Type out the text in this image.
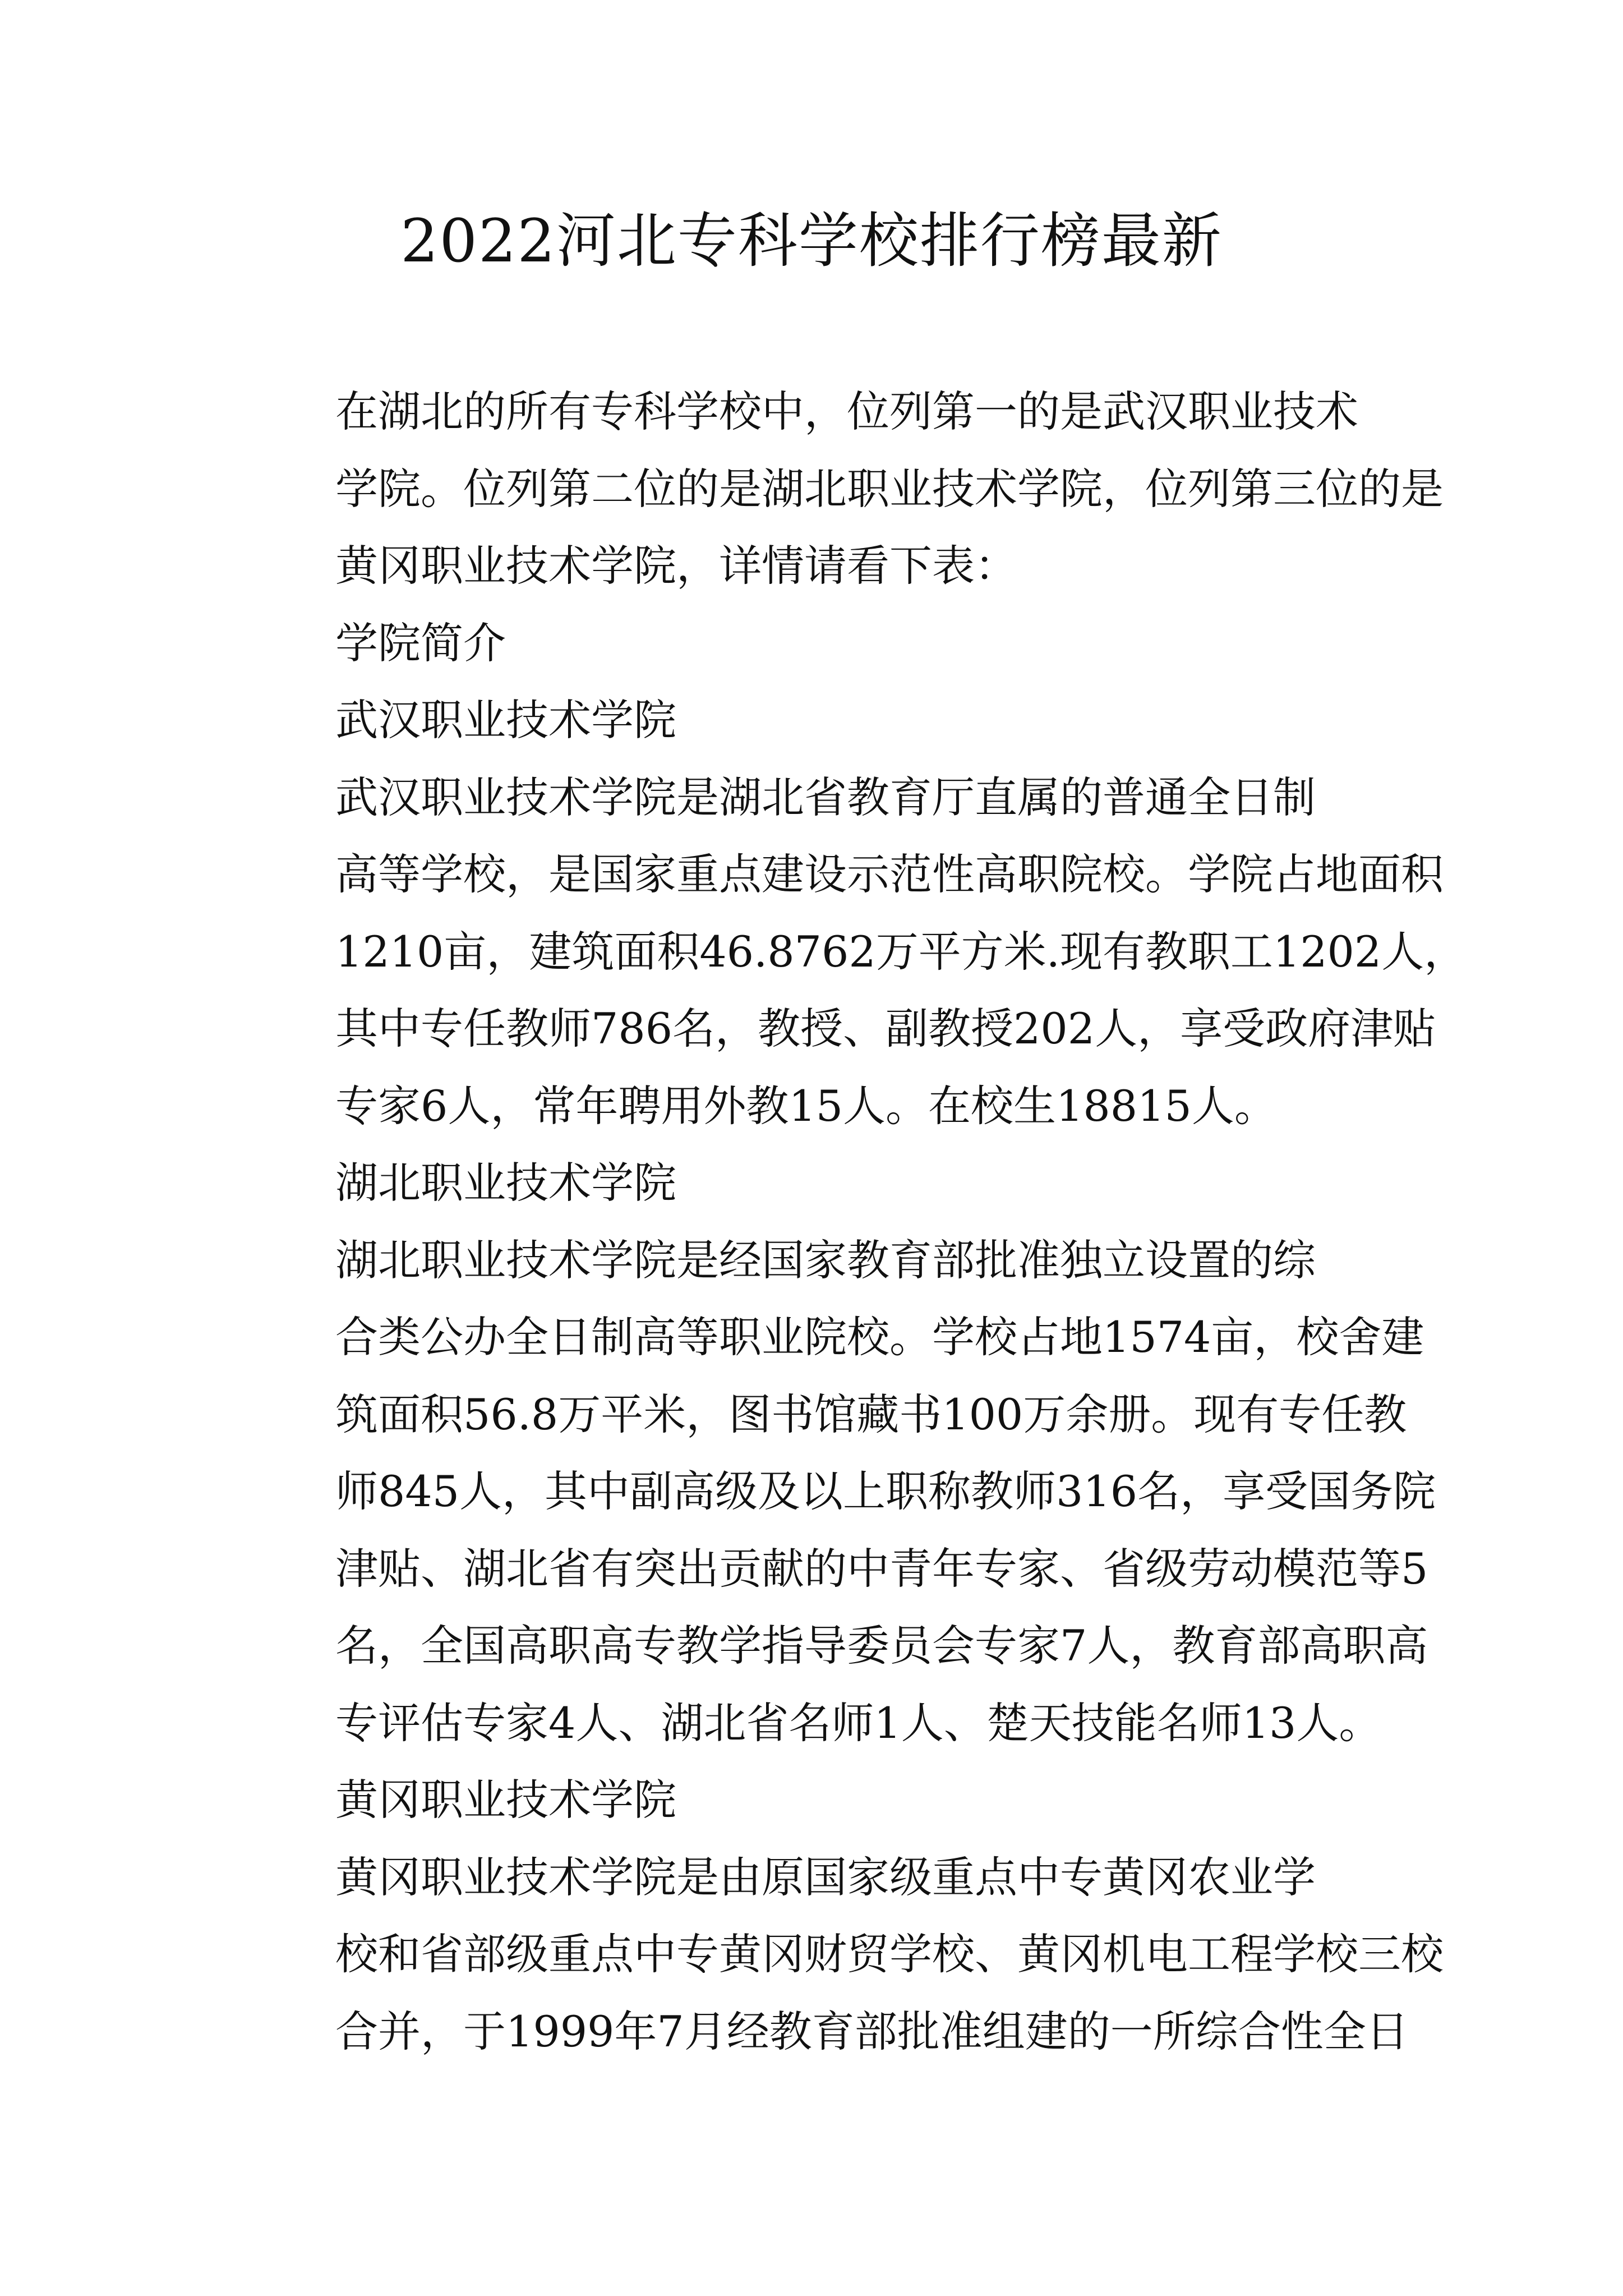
2022河北专科学校排行榜最新

在湖北的所有专科学校中，位列第一的是武汉职业技术
学院。位列第二位的是湖北职业技术学院，位列第三位的是
黄冈职业技术学院，详情请看下表：

学院简介

武汉职业技术学院

武汉职业技术学院是湖北省教育厅直属的普通全日制
高等学校，是国家重点建设示范性高职院校。学院占地面积
1210亩，建筑面积46.8762万平方米.现有教职工1202人，
其中专任教师786名，教授、副教授202人，享受政府津贴
专家6人，常年聘用外教15人。在校生18815人。

湖北职业技术学院

湖北职业技术学院是经国家教育部批准独立设置的综
合类公办全日制高等职业院校。学校占地1574亩，校舍建
筑面积56.8万平米，图书馆藏书100万余册。现有专任教
师845人，其中副高级及以上职称教师316名，享受国务院
津贴、湖北省有突出贡献的中青年专家、省级劳动模范等5
名，全国高职高专教学指导委员会专家7人，教育部高职高
专评估专家4人、湖北省名师1人、楚天技能名师13人。

黄冈职业技术学院

黄冈职业技术学院是由原国家级重点中专黄冈农业学
校和省部级重点中专黄冈财贸学校、黄冈机电工程学校三校
合并，于1999年7月经教育部批准组建的一所综合性全日
